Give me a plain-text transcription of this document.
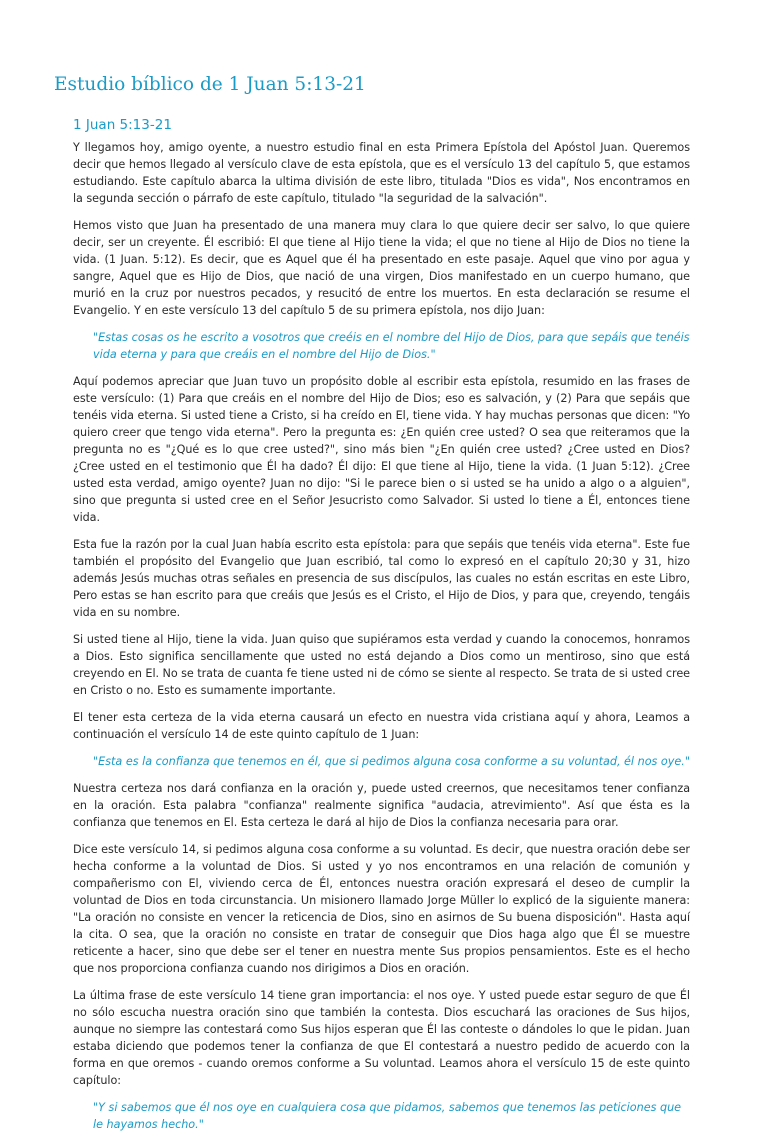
Estudio bíblico de 1 Juan 5:13-21
1 Juan 5:13-21

Y llegamos hoy, amigo oyente, a nuestro estudio final en esta Primera Epístola del Apóstol Juan. Queremos decir que hemos llegado al versículo clave de esta epístola, que es el versículo 13 del capítulo 5, que estamos estudiando. Este capítulo abarca la ultima división de este libro, titulada "Dios es vida", Nos encontramos en la segunda sección o párrafo de este capítulo, titulado "la seguridad de la salvación".

Hemos visto que Juan ha presentado de una manera muy clara lo que quiere decir ser salvo, lo que quiere decir, ser un creyente. Él escribió: El que tiene al Hijo tiene la vida; el que no tiene al Hijo de Dios no tiene la vida. (1 Juan. 5:12). Es decir, que es Aquel que él ha presentado en este pasaje. Aquel que vino por agua y sangre, Aquel que es Hijo de Dios, que nació de una virgen, Dios manifestado en un cuerpo humano, que murió en la cruz por nuestros pecados, y resucitó de entre los muertos. En esta declaración se resume el Evangelio. Y en este versículo 13 del capítulo 5 de su primera epístola, nos dijo Juan:

"Estas cosas os he escrito a vosotros que creéis en el nombre del Hijo de Dios, para que sepáis que tenéis vida eterna y para que creáis en el nombre del Hijo de Dios."

Aquí podemos apreciar que Juan tuvo un propósito doble al escribir esta epístola, resumido en las frases de este versículo: (1) Para que creáis en el nombre del Hijo de Dios; eso es salvación, y (2) Para que sepáis que tenéis vida eterna. Si usted tiene a Cristo, si ha creído en El, tiene vida. Y hay muchas personas que dicen: "Yo quiero creer que tengo vida eterna". Pero la pregunta es: ¿En quién cree usted? O sea que reiteramos que la pregunta no es "¿Qué es lo que cree usted?", sino más bien "¿En quién cree usted? ¿Cree usted en Dios? ¿Cree usted en el testimonio que Él ha dado? Él dijo: El que tiene al Hijo, tiene la vida. (1 Juan 5:12). ¿Cree usted esta verdad, amigo oyente? Juan no dijo: "Si le parece bien o si usted se ha unido a algo o a alguien", sino que pregunta si usted cree en el Señor Jesucristo como Salvador. Si usted lo tiene a Él, entonces tiene vida.

Esta fue la razón por la cual Juan había escrito esta epístola: para que sepáis que tenéis vida eterna". Este fue también el propósito del Evangelio que Juan escribió, tal como lo expresó en el capítulo 20;30 y 31, hizo además Jesús muchas otras señales en presencia de sus discípulos, las cuales no están escritas en este Libro, Pero estas se han escrito para que creáis que Jesús es el Cristo, el Hijo de Dios, y para que, creyendo, tengáis vida en su nombre.

Si usted tiene al Hijo, tiene la vida. Juan quiso que supiéramos esta verdad y cuando la conocemos, honramos a Dios. Esto significa sencillamente que usted no está dejando a Dios como un mentiroso, sino que está creyendo en El. No se trata de cuanta fe tiene usted ni de cómo se siente al respecto. Se trata de si usted cree en Cristo o no. Esto es sumamente importante.

El tener esta certeza de la vida eterna causará un efecto en nuestra vida cristiana aquí y ahora, Leamos a continuación el versículo 14 de este quinto capítulo de 1 Juan:

"Esta es la confianza que tenemos en él, que si pedimos alguna cosa conforme a su voluntad, él nos oye."

Nuestra certeza nos dará confianza en la oración y, puede usted creernos, que necesitamos tener confianza en la oración. Esta palabra "confianza" realmente significa "audacia, atrevimiento". Así que ésta es la confianza que tenemos en El. Esta certeza le dará al hijo de Dios la confianza necesaria para orar.

Dice este versículo 14, si pedimos alguna cosa conforme a su voluntad. Es decir, que nuestra oración debe ser hecha conforme a la voluntad de Dios. Si usted y yo nos encontramos en una relación de comunión y compañerismo con El, viviendo cerca de Él, entonces nuestra oración expresará el deseo de cumplir la voluntad de Dios en toda circunstancia. Un misionero llamado Jorge Müller lo explicó de la siguiente manera: "La oración no consiste en vencer la reticencia de Dios, sino en asirnos de Su buena disposición". Hasta aquí la cita. O sea, que la oración no consiste en tratar de conseguir que Dios haga algo que Él se muestre reticente a hacer, sino que debe ser el tener en nuestra mente Sus propios pensamientos. Este es el hecho que nos proporciona confianza cuando nos dirigimos a Dios en oración.

La última frase de este versículo 14 tiene gran importancia: el nos oye. Y usted puede estar seguro de que Él no sólo escucha nuestra oración sino que también la contesta. Dios escuchará las oraciones de Sus hijos, aunque no siempre las contestará como Sus hijos esperan que Él las conteste o dándoles lo que le pidan. Juan estaba diciendo que podemos tener la confianza de que El contestará a nuestro pedido de acuerdo con la forma en que oremos - cuando oremos conforme a Su voluntad. Leamos ahora el versículo 15 de este quinto capítulo:

"Y si sabemos que él nos oye en cualquiera cosa que pidamos, sabemos que tenemos las peticiones que le hayamos hecho."
